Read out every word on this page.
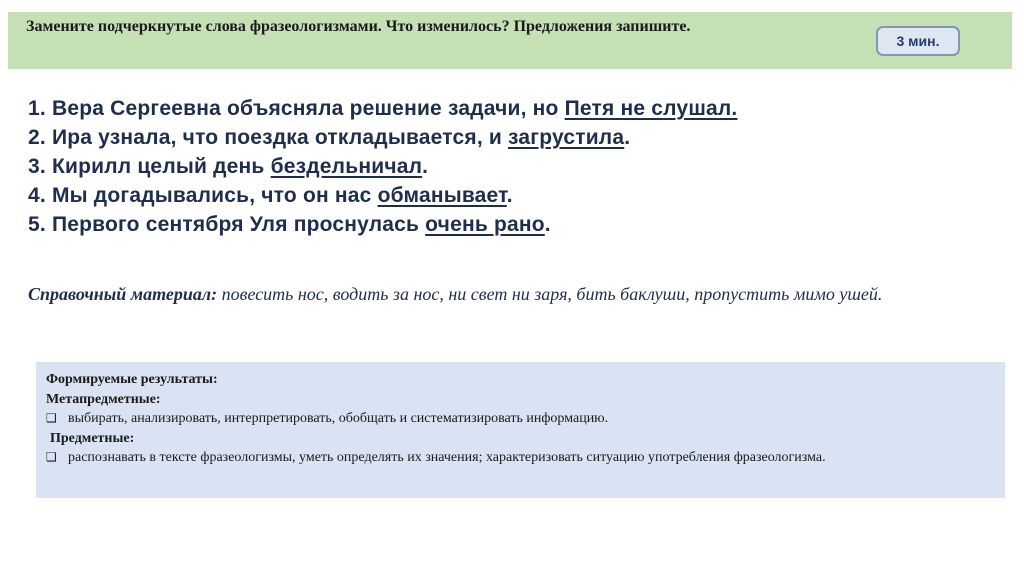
Замените подчеркнутые слова фразеологизмами. Что изменилось? Предложения запишите.
3 мин.
1. Вера Сергеевна объясняла решение задачи, но Петя не слушал.
2. Ира узнала, что поездка откладывается, и загрустила.
3. Кирилл целый день бездельничал.
4. Мы догадывались, что он нас обманывает.
5. Первого сентября Уля проснулась очень рано.
Справочный материал: повесить нос, водить за нос, ни свет ни заря, бить баклуши, пропустить мимо ушей.
Формируемые результаты:
Метапредметные:
❑ выбирать, анализировать, интерпретировать, обобщать и систематизировать информацию.
Предметные:
❑ распознавать в тексте фразеологизмы, уметь определять их значения; характеризовать ситуацию употребления фразеологизма.
